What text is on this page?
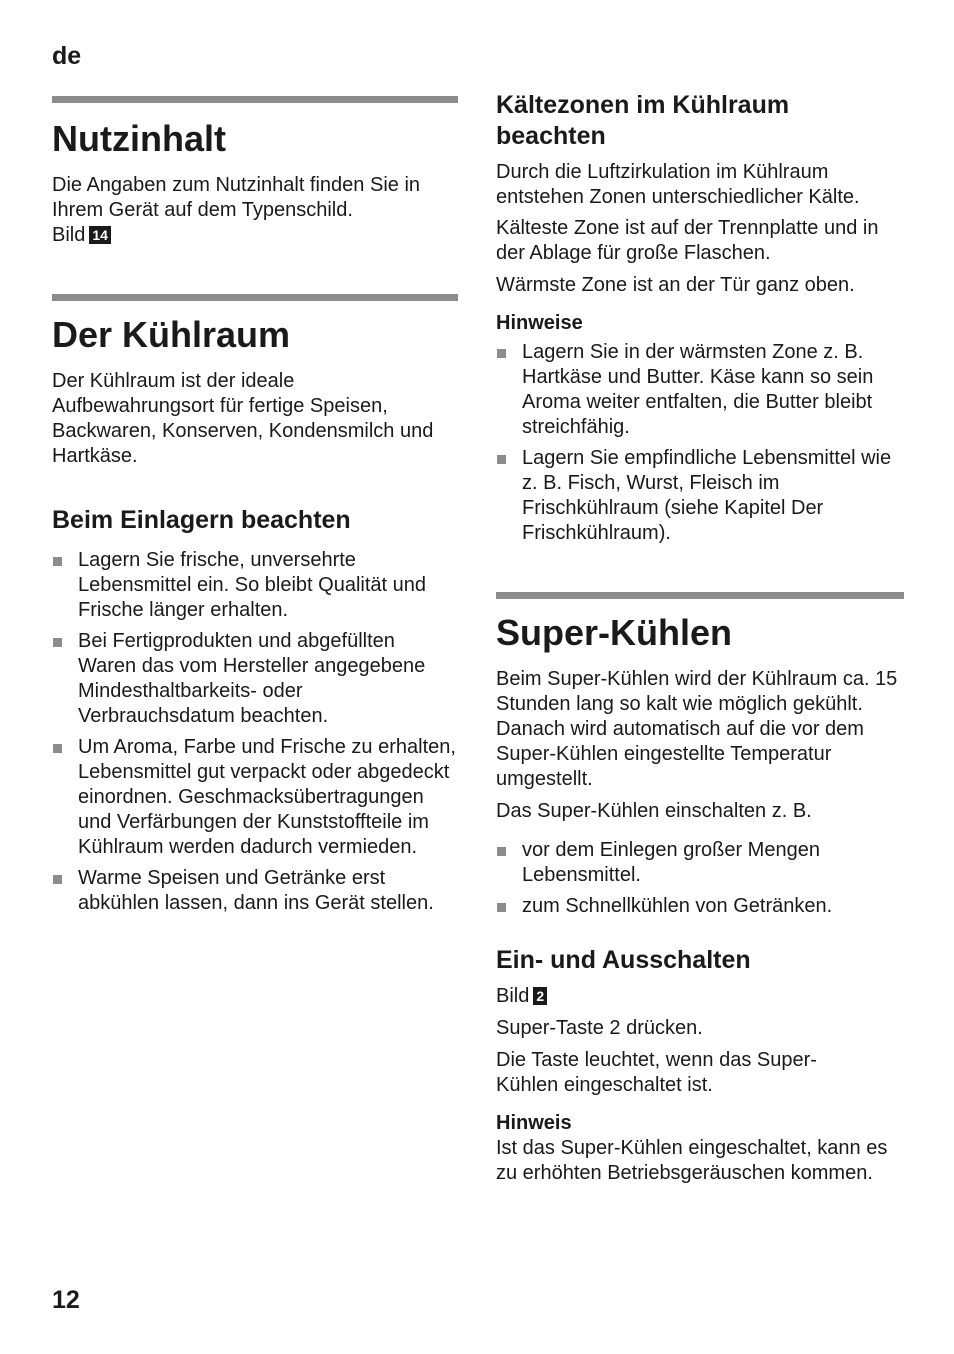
de
Nutzinhalt

Die Angaben zum Nutzinhalt finden Sie in

Ihrem Gerät auf dem Typenschild.

Bild 14

Der Kühlraum

Der Kühlraum ist der ideale Aufbewahrungsort für fertige Speisen, Backwaren, Konserven, Kondensmilch und Hartkäse.

Beim Einlagern beachten
Lagern Sie frische, unversehrte Lebensmittel ein. So bleibt Qualität und Frische länger erhalten.
Bei Fertigprodukten und abgefüllten Waren das vom Hersteller angegebene Mindesthaltbarkeits- oder Verbrauchsdatum beachten.
Um Aroma, Farbe und Frische zu erhalten, Lebensmittel gut verpackt oder abgedeckt einordnen. Geschmacksübertragungen und Verfärbungen der Kunststoffteile im Kühlraum werden dadurch vermieden.
Warme Speisen und Getränke erst abkühlen lassen, dann ins Gerät stellen.
Kältezonen im Kühlraum beachten

Durch die Luftzirkulation im Kühlraum entstehen Zonen unterschiedlicher Kälte.

Kälteste Zone ist auf der Trennplatte und in der Ablage für große Flaschen.

Wärmste Zone ist an der Tür ganz oben.

Hinweise
Lagern Sie in der wärmsten Zone z. B. Hartkäse und Butter. Käse kann so sein Aroma weiter entfalten, die Butter bleibt streichfähig.
Lagern Sie empfindliche Lebensmittel wie z. B. Fisch, Wurst, Fleisch im Frischkühlraum (siehe Kapitel Der Frischkühlraum).
Super-Kühlen

Beim Super-Kühlen wird der Kühlraum ca. 15 Stunden lang so kalt wie möglich gekühlt. Danach wird automatisch auf die vor dem Super-Kühlen eingestellte Temperatur umgestellt.

Das Super-Kühlen einschalten z. B.

vor dem Einlegen großer Mengen Lebensmittel.
zum Schnellkühlen von Getränken.
Ein- und Ausschalten

Bild 2

Super-Taste 2 drücken.

Die Taste leuchtet, wenn das Super-Kühlen eingeschaltet ist.

Hinweis

Ist das Super-Kühlen eingeschaltet, kann es zu erhöhten Betriebsgeräuschen kommen.

12
